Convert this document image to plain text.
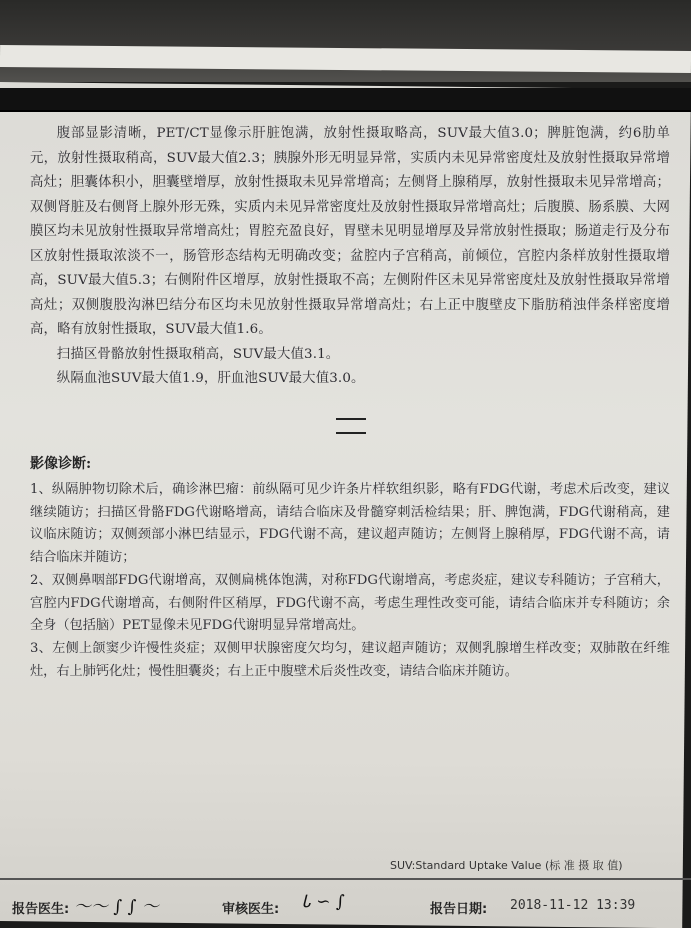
腹部显影清晰，PET/CT显像示肝脏饱满，放射性摄取略高，SUV最大值3.0；脾脏饱满，约6肋单元，放射性摄取稍高，SUV最大值2.3；胰腺外形无明显异常，实质内未见异常密度灶及放射性摄取异常增高灶；胆囊体积小，胆囊壁增厚，放射性摄取未见异常增高；左侧肾上腺稍厚，放射性摄取未见异常增高；双侧肾脏及右侧肾上腺外形无殊，实质内未见异常密度灶及放射性摄取异常增高灶；后腹膜、肠系膜、大网膜区均未见放射性摄取异常增高灶；胃腔充盈良好，胃壁未见明显增厚及异常放射性摄取；肠道走行及分布区放射性摄取浓淡不一，肠管形态结构无明确改变；盆腔内子宫稍高，前倾位，宫腔内条样放射性摄取增高，SUV最大值5.3；右侧附件区增厚，放射性摄取不高；左侧附件区未见异常密度灶及放射性摄取异常增高灶；双侧腹股沟淋巴结分布区均未见放射性摄取异常增高灶；右上正中腹壁皮下脂肪稍浊伴条样密度增高，略有放射性摄取，SUV最大值1.6。

扫描区骨骼放射性摄取稍高，SUV最大值3.1。

纵隔血池SUV最大值1.9，肝血池SUV最大值3.0。

影像诊断:

1、纵隔肿物切除术后，确诊淋巴瘤：前纵隔可见少许条片样软组织影，略有FDG代谢，考虑术后改变，建议继续随访；扫描区骨骼FDG代谢略增高，请结合临床及骨髓穿刺活检结果；肝、脾饱满，FDG代谢稍高，建议临床随访；双侧颈部小淋巴结显示，FDG代谢不高，建议超声随访；左侧肾上腺稍厚，FDG代谢不高，请结合临床并随访；

2、双侧鼻咽部FDG代谢增高，双侧扁桃体饱满，对称FDG代谢增高，考虑炎症，建议专科随访；子宫稍大，宫腔内FDG代谢增高，右侧附件区稍厚，FDG代谢不高，考虑生理性改变可能，请结合临床并专科随访；余全身（包括脑）PET显像未见FDG代谢明显异常增高灶。

3、左侧上颌窦少许慢性炎症；双侧甲状腺密度欠均匀，建议超声随访；双侧乳腺增生样改变；双肺散在纤维灶，右上肺钙化灶；慢性胆囊炎；右上正中腹壁术后炎性改变，请结合临床并随访。

SUV:Standard Uptake Value (标 准 摄 取 值)
报告医生: ～～ ∫ ∫ ～	审核医生: Ꮣ ∽ ∫	报告日期: 2018-11-12 13:39
